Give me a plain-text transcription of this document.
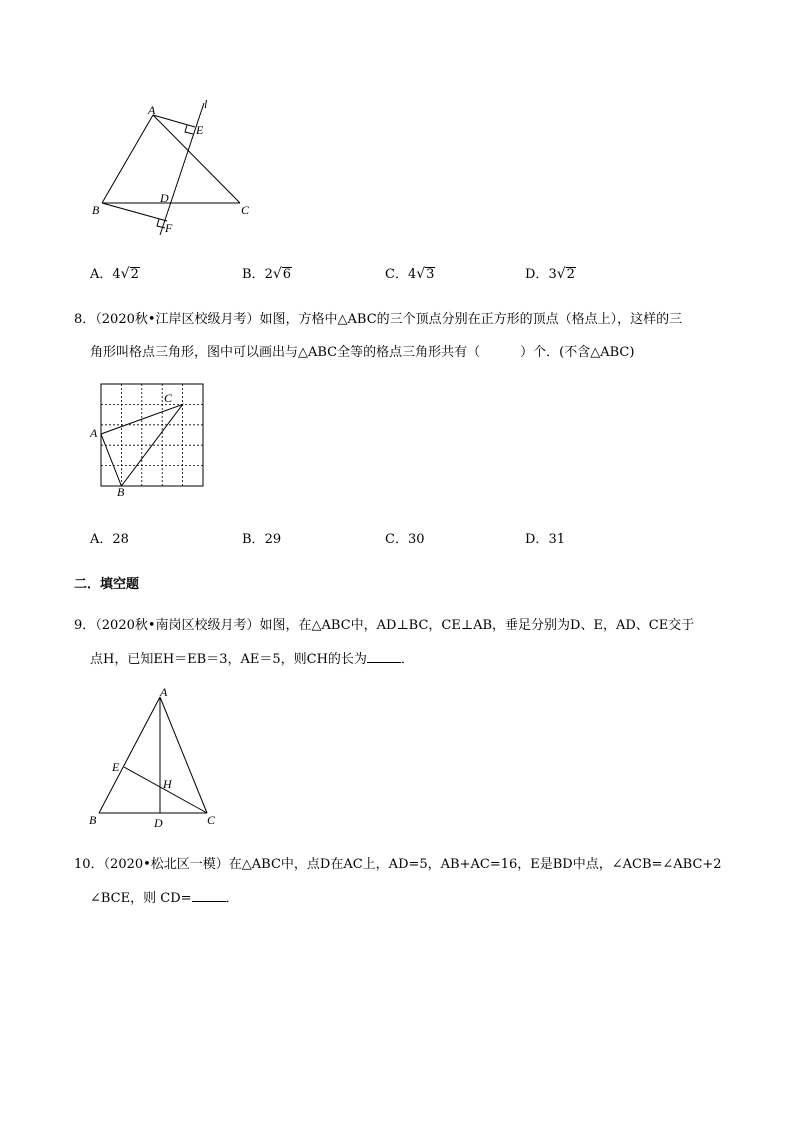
A
B	C
D
E
F
l
A．4√2	B．2√6	C．4√3	D．3√2
8．（2020秋•江岸区校级月考）如图，方格中△ABC的三个顶点分别在正方形的顶点（格点上），这样的三
角形叫格点三角形，图中可以画出与△ABC全等的格点三角形共有（	）个．(不含△ABC)
A
B
C
A．28	B．29	C．30	D．31
二．填空题
9．（2020秋•南岗区校级月考）如图，在△ABC中，AD⊥BC，CE⊥AB，垂足分别为D、E，AD、CE交于
点H，已知EH＝EB＝3，AE＝5，则CH的长为	．
A
B	C
D
E
H
10．（2020•松北区一模）在△ABC中，点D在AC上，AD=5，AB+AC=16，E是BD中点，∠ACB=∠ABC+2
∠BCE，则 CD=	．
